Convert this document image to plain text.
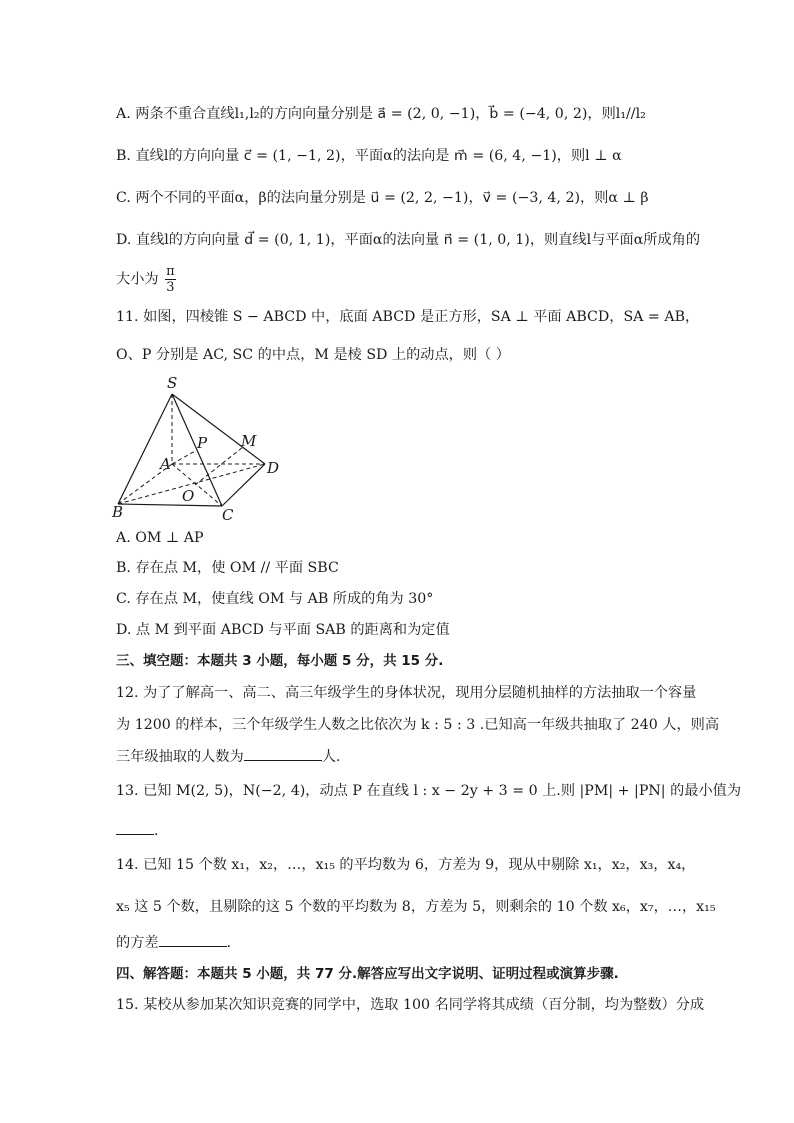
A. 两条不重合直线l₁,l₂的方向向量分别是 a⃗ = (2, 0, −1)，b⃗ = (−4, 0, 2)，则l₁//l₂
B. 直线l的方向向量 c⃗ = (1, −1, 2)，平面α的法向是 m⃗ = (6, 4, −1)，则l ⊥ α
C. 两个不同的平面α，β的法向量分别是 u⃗ = (2, 2, −1)，v⃗ = (−3, 4, 2)，则α ⊥ β
D. 直线l的方向向量 d⃗ = (0, 1, 1)，平面α的法向量 n⃗ = (1, 0, 1)，则直线l与平面α所成角的
大小为 $\frac{\pi}{3}$
11. 如图，四棱锥 S − ABCD 中，底面 ABCD 是正方形，SA ⊥ 平面 ABCD，SA = AB，
O、P 分别是 AC, SC 的中点，M 是棱 SD 上的动点，则（ ）
S
A
B	C
D
P M
O
A. OM ⊥ AP
B. 存在点 M，使 OM // 平面 SBC
C. 存在点 M，使直线 OM 与 AB 所成的角为 30°
D. 点 M 到平面 ABCD 与平面 SAB 的距离和为定值
三、填空题：本题共 3 小题，每小题 5 分，共 15 分.
12. 为了了解高一、高二、高三年级学生的身体状况，现用分层随机抽样的方法抽取一个容量
为 1200 的样本，三个年级学生人数之比依次为 k : 5 : 3 .已知高一年级共抽取了 240 人，则高
三年级抽取的人数为	人.
13. 已知 M(2, 5)，N(−2, 4)，动点 P 在直线 l : x − 2y + 3 = 0 上.则 |PM| + |PN| 的最小值为
.
14. 已知 15 个数 x₁，x₂，…，x₁₅ 的平均数为 6，方差为 9，现从中剔除 x₁，x₂，x₃，x₄，
x₅ 这 5 个数，且剔除的这 5 个数的平均数为 8，方差为 5，则剩余的 10 个数 x₆，x₇，…，x₁₅
的方差	.
四、解答题：本题共 5 小题，共 77 分.解答应写出文字说明、证明过程或演算步骤.
15. 某校从参加某次知识竞赛的同学中，选取 100 名同学将其成绩（百分制，均为整数）分成
